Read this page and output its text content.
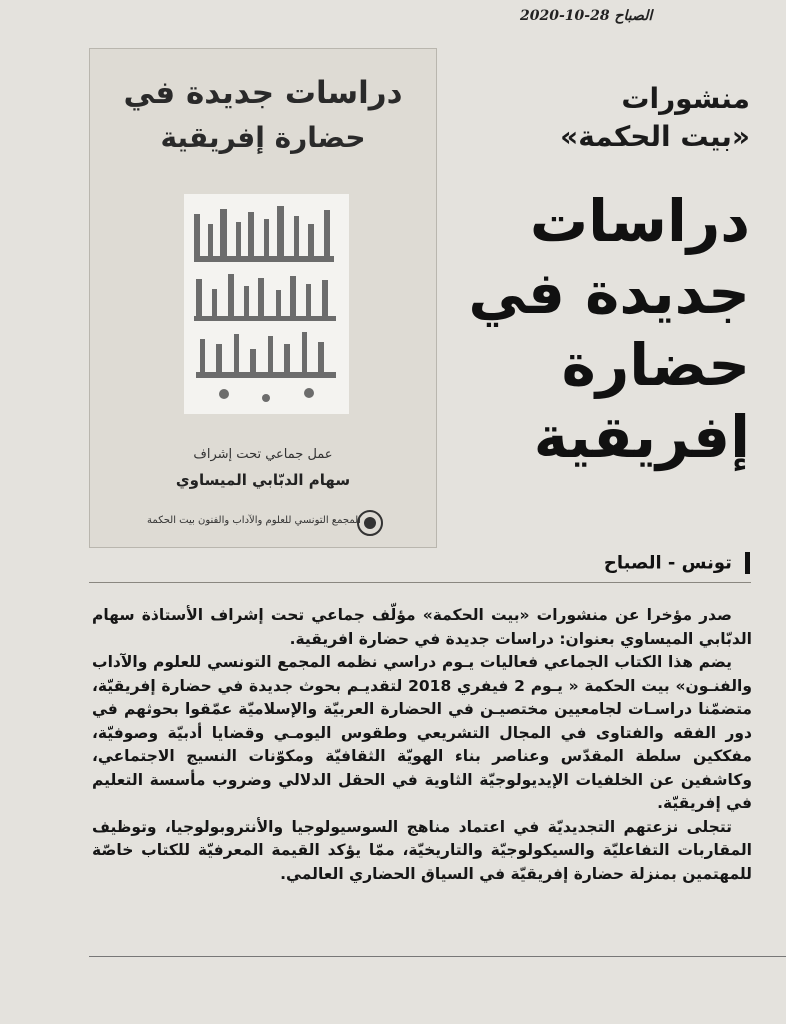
الصباح 28-10-2020
دراسات جديدة في
حضارة إفريقية
عمل جماعي تحت إشراف
سهام الدبّابي الميساوي
المجمع التونسي للعلوم والآداب والفنون بيت الحكمة
منشورات
«بيت الحكمة»
دراسات جديدة في حضارة إفريقية
تونس - الصباح

صدر مؤخرا عن منشورات «بيت الحكمة» مؤلّف جماعي تحت إشراف الأستاذة سهام الدبّابي الميساوي بعنوان: دراسات جديدة في حضارة افريقية.

يضم هذا الكتاب الجماعي فعاليات يـوم دراسي نظمه المجمع التونسي للعلوم والآداب والفنـون» بيت الحكمة « يـوم 2 فيفري 2018 لتقديـم بحوث جديدة في حضارة إفريقيّة، متضمّنا دراسـات لجامعيين مختصيـن في الحضارة العربيّة والإسلاميّة عمّقوا بحوثهم في دور الفقه والفتاوى في المجال التشريعي وطقوس اليومـي وقضايا أدبيّة وصوفيّة، مفككين سلطة المقدّس وعناصر بناء الهويّة الثقافيّة ومكوّنات النسيج الاجتماعي، وكاشفين عن الخلفيات الإيديولوجيّة الثاوية في الحقل الدلالي وضروب مأسسة التعليم في إفريقيّة.

تتجلى نزعتهم التجديديّة في اعتماد مناهج السوسيولوجيا والأنتروبولوجيا، وتوظيف المقاربات التفاعليّة والسيكولوجيّة والتاريخيّة، ممّا يؤكد القيمة المعرفيّة للكتاب خاصّة للمهتمين بمنزلة حضارة إفريقيّة في السياق الحضاري العالمي.
